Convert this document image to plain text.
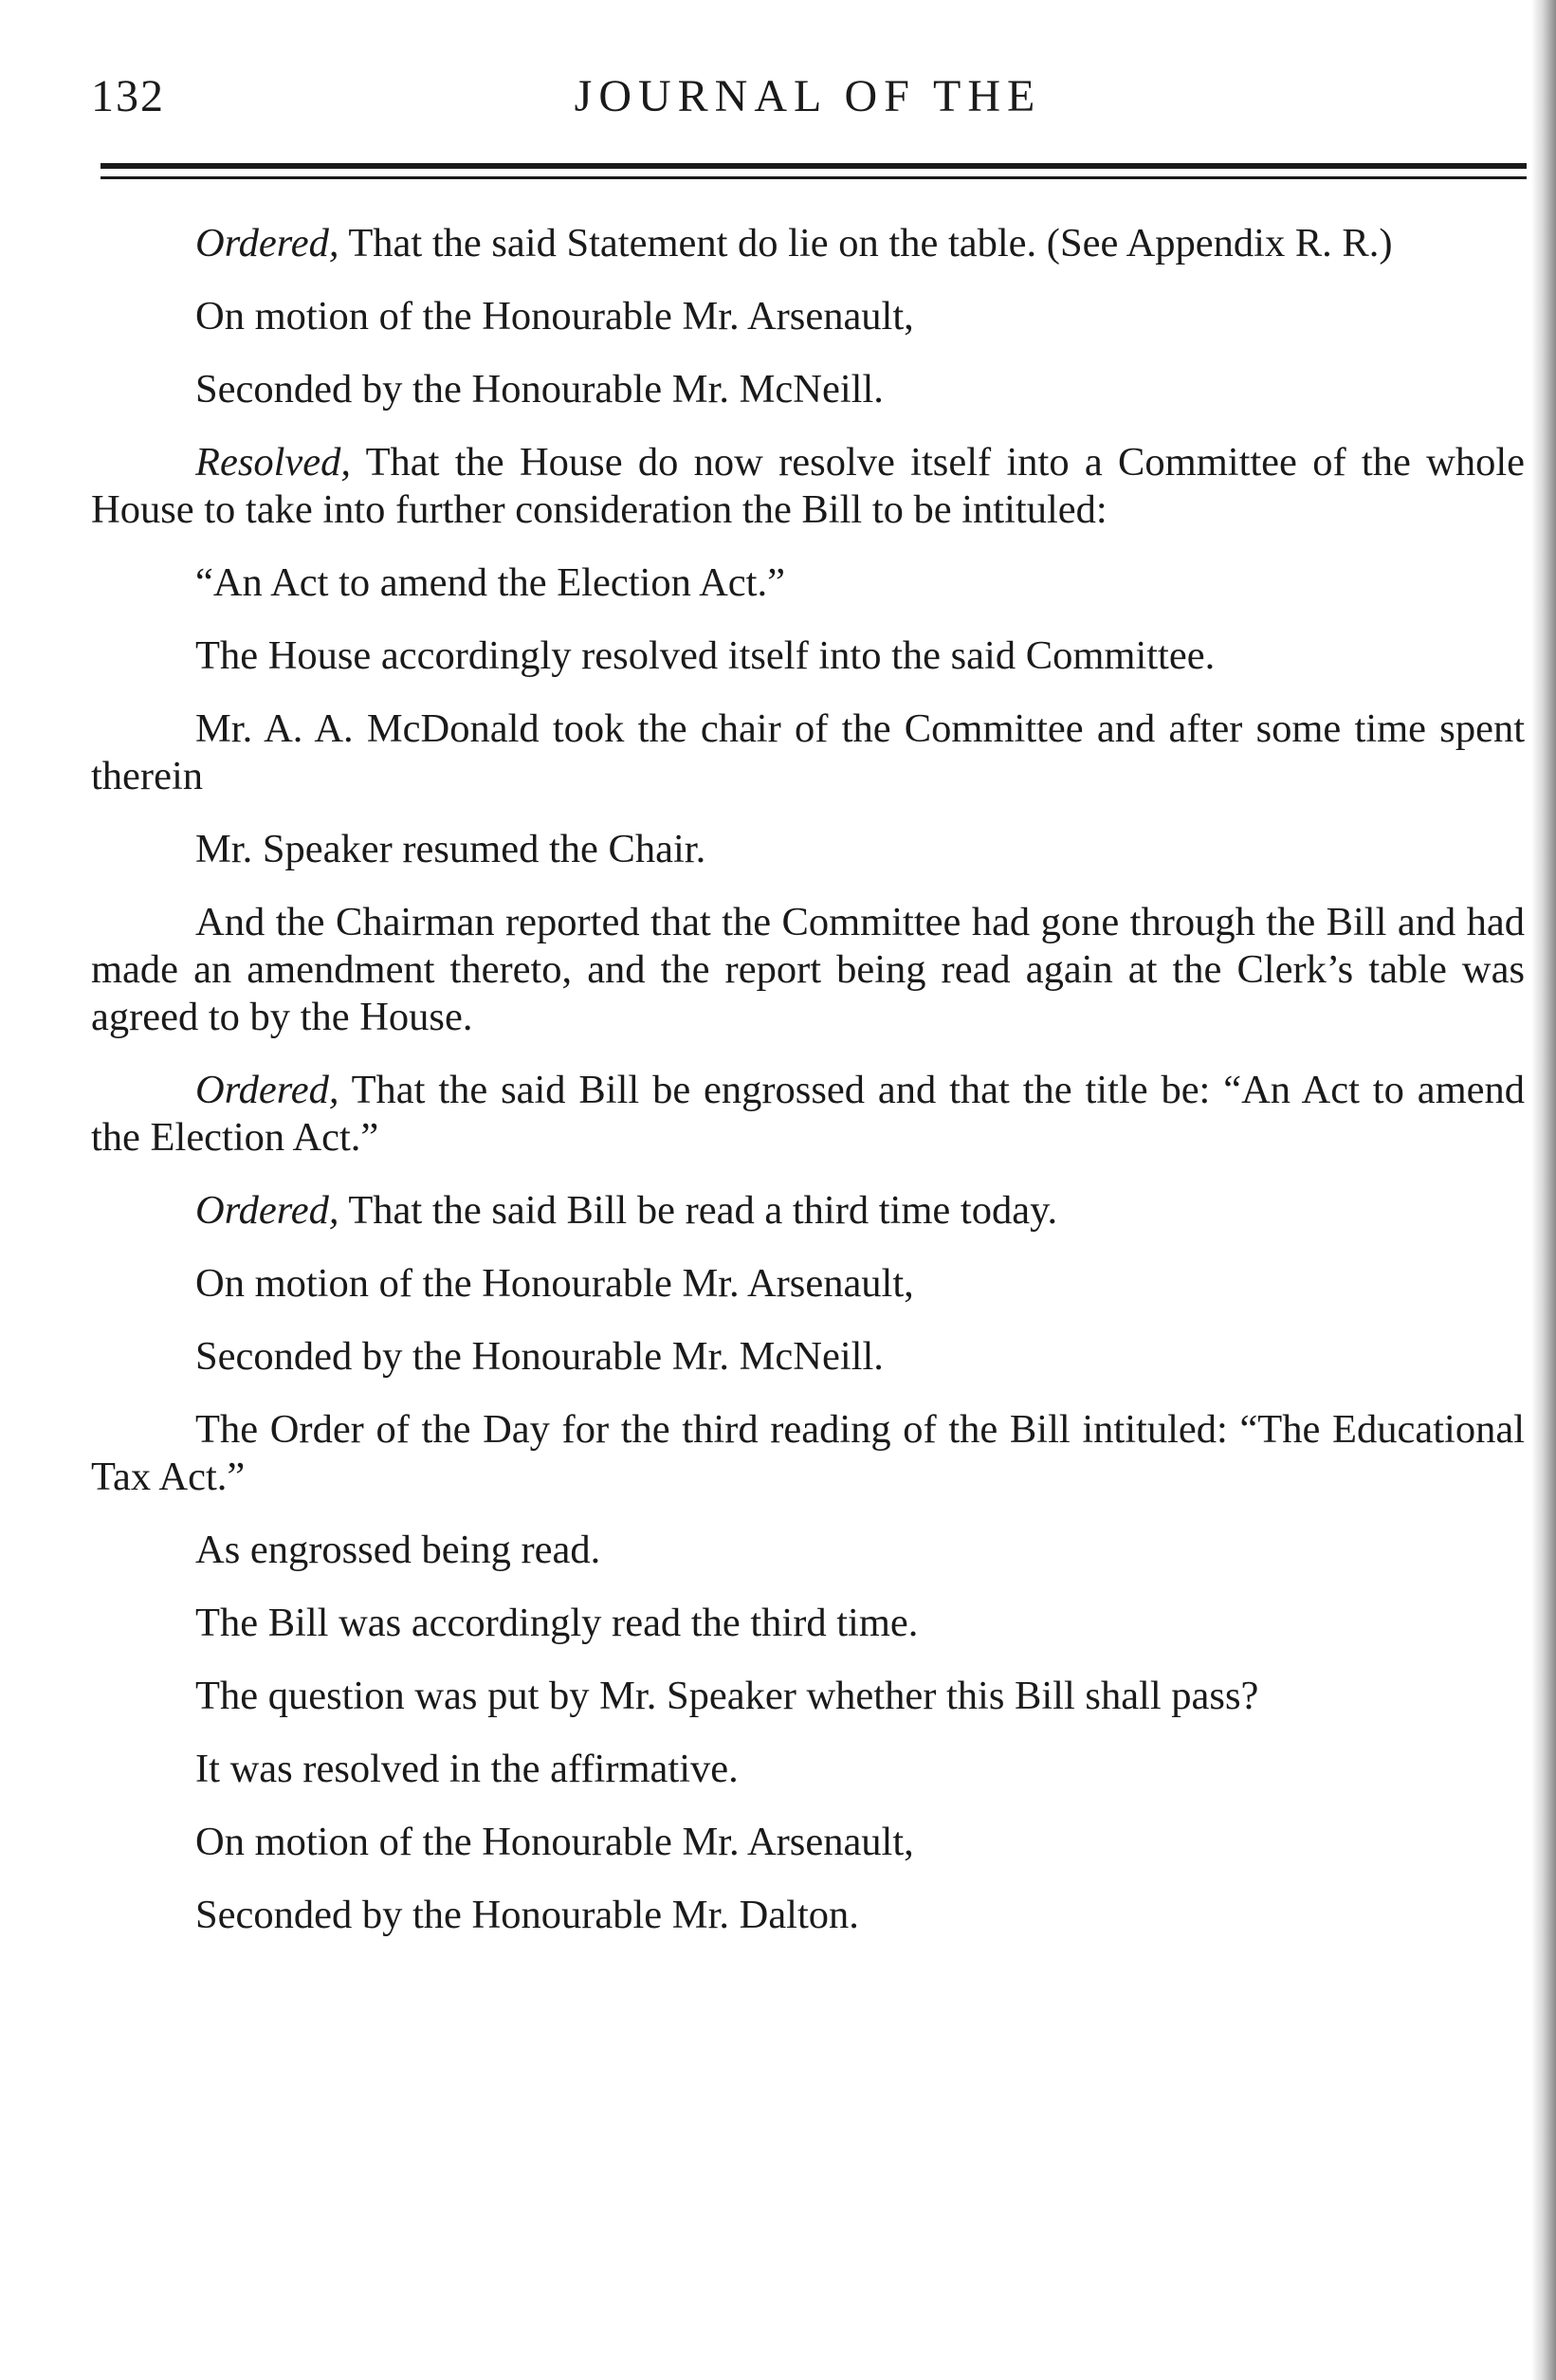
132	JOURNAL OF THE

Ordered, That the said Statement do lie on the table. (See Appendix R. R.)

On motion of the Honourable Mr. Arsenault,

Seconded by the Honourable Mr. McNeill.

Resolved, That the House do now resolve itself into a Committee of the whole House to take into further consideration the Bill to be intituled:

“An Act to amend the Election Act.”

The House accordingly resolved itself into the said Committee.

Mr. A. A. McDonald took the chair of the Committee and after some time spent therein

Mr. Speaker resumed the Chair.

And the Chairman reported that the Committee had gone through the Bill and had made an amendment thereto, and the report being read again at the Clerk’s table was agreed to by the House.

Ordered, That the said Bill be engrossed and that the title be: “An Act to amend the Election Act.”

Ordered, That the said Bill be read a third time today.

On motion of the Honourable Mr. Arsenault,

Seconded by the Honourable Mr. McNeill.

The Order of the Day for the third reading of the Bill intituled: “The Educational Tax Act.”

As engrossed being read.

The Bill was accordingly read the third time.

The question was put by Mr. Speaker whether this Bill shall pass?

It was resolved in the affirmative.

On motion of the Honourable Mr. Arsenault,

Seconded by the Honourable Mr. Dalton.
